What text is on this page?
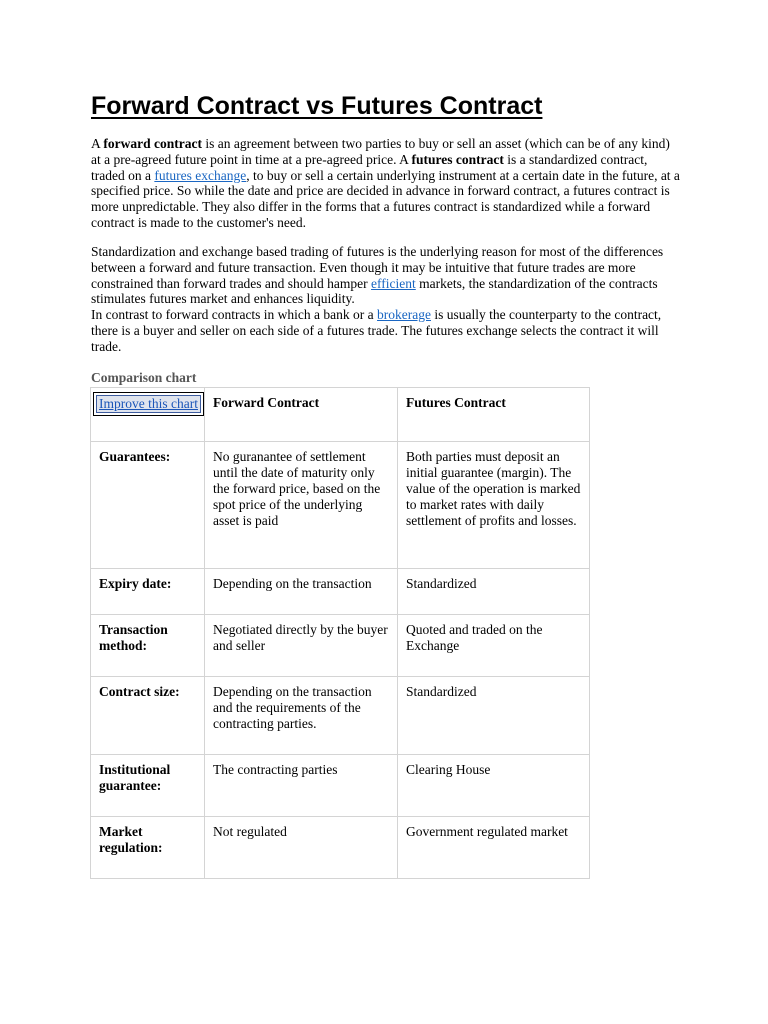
Forward Contract vs Futures Contract

A forward contract is an agreement between two parties to buy or sell an asset (which can be of any kind) at a pre-agreed future point in time at a pre-agreed price. A futures contract is a standardized contract, traded on a futures exchange, to buy or sell a certain underlying instrument at a certain date in the future, at a specified price. So while the date and price are decided in advance in forward contract, a futures contract is more unpredictable. They also differ in the forms that a futures contract is standardized while a forward contract is made to the customer's need.

Standardization and exchange based trading of futures is the underlying reason for most of the differences between a forward and future transaction. Even though it may be intuitive that future trades are more constrained than forward trades and should hamper efficient markets, the standardization of the contracts stimulates futures market and enhances liquidity.

In contrast to forward contracts in which a bank or a brokerage is usually the counterparty to the contract, there is a buyer and seller on each side of a futures trade. The futures exchange selects the contract it will trade.

Comparison chart
Improve this chart	Forward Contract	Futures Contract
Guarantees:	No guranantee of settlement until the date of maturity only the forward price, based on the spot price of the underlying asset is paid	Both parties must deposit an initial guarantee (margin). The value of the operation is marked to market rates with daily settlement of profits and losses.
Expiry date:	Depending on the transaction	Standardized
Transaction method:	Negotiated directly by the buyer and seller	Quoted and traded on the Exchange
Contract size:	Depending on the transaction and the requirements of the contracting parties.	Standardized
Institutional guarantee:	The contracting parties	Clearing House
Market regulation:	Not regulated	Government regulated market
